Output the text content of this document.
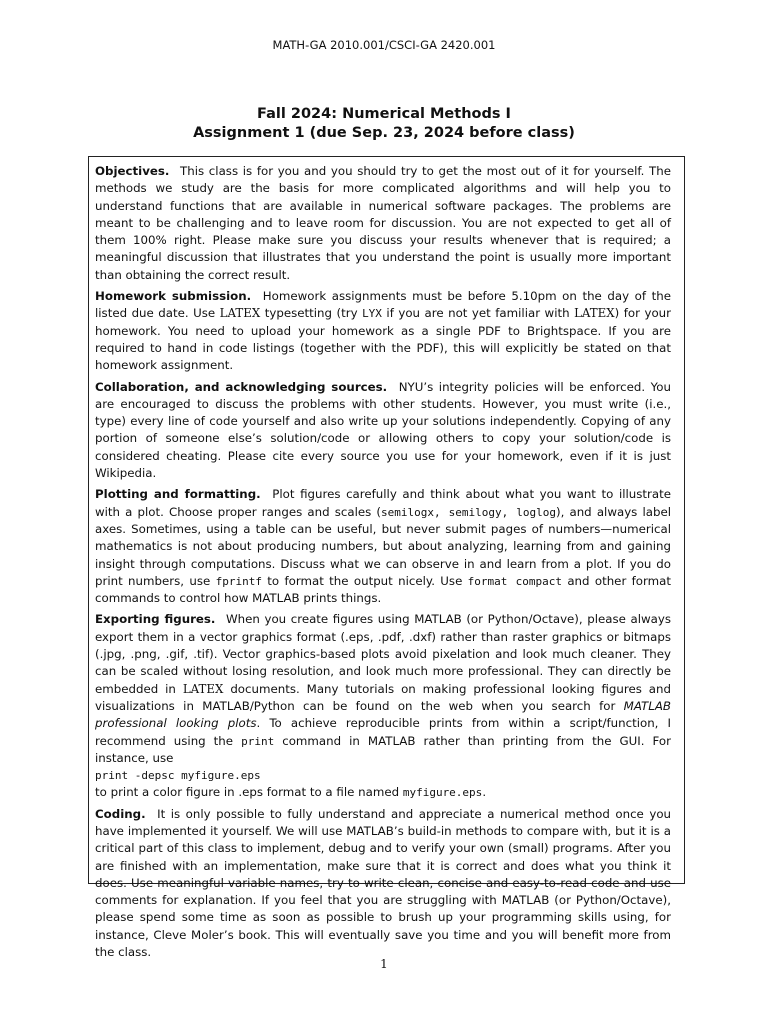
MATH-GA 2010.001/CSCI-GA 2420.001
Fall 2024: Numerical Methods I
Assignment 1 (due Sep. 23, 2024 before class)

Objectives. This class is for you and you should try to get the most out of it for yourself. The methods we study are the basis for more complicated algorithms and will help you to understand functions that are available in numerical software packages. The problems are meant to be challenging and to leave room for discussion. You are not expected to get all of them 100% right. Please make sure you discuss your results whenever that is required; a meaningful discussion that illustrates that you understand the point is usually more important than obtaining the correct result.

Homework submission. Homework assignments must be before 5.10pm on the day of the listed due date. Use LATEX typesetting (try LYX if you are not yet familiar with LATEX) for your homework. You need to upload your homework as a single PDF to Brightspace. If you are required to hand in code listings (together with the PDF), this will explicitly be stated on that homework assignment.

Collaboration, and acknowledging sources. NYU’s integrity policies will be enforced. You are encouraged to discuss the problems with other students. However, you must write (i.e., type) every line of code yourself and also write up your solutions independently. Copying of any portion of someone else’s solution/code or allowing others to copy your solution/code is considered cheating. Please cite every source you use for your homework, even if it is just Wikipedia.

Plotting and formatting. Plot figures carefully and think about what you want to illustrate with a plot. Choose proper ranges and scales (semilogx, semilogy, loglog), and always label axes. Sometimes, using a table can be useful, but never submit pages of numbers—numerical mathematics is not about producing numbers, but about analyzing, learning from and gaining insight through computations. Discuss what we can observe in and learn from a plot. If you do print numbers, use fprintf to format the output nicely. Use format compact and other format commands to control how MATLAB prints things.

Exporting figures. When you create figures using MATLAB (or Python/Octave), please always export them in a vector graphics format (.eps, .pdf, .dxf) rather than raster graphics or bitmaps (.jpg, .png, .gif, .tif). Vector graphics-based plots avoid pixelation and look much cleaner. They can be scaled without losing resolution, and look much more professional. They can directly be embedded in LATEX documents. Many tutorials on making professional looking figures and visualizations in MATLAB/Python can be found on the web when you search for MATLAB professional looking plots. To achieve reproducible prints from within a script/function, I recommend using the print command in MATLAB rather than printing from the GUI. For instance, use
print -depsc myfigure.eps
to print a color figure in .eps format to a file named myfigure.eps.

Coding. It is only possible to fully understand and appreciate a numerical method once you have implemented it yourself. We will use MATLAB’s build-in methods to compare with, but it is a critical part of this class to implement, debug and to verify your own (small) programs. After you are finished with an implementation, make sure that it is correct and does what you think it does. Use meaningful variable names, try to write clean, concise and easy-to-read code and use comments for explanation. If you feel that you are struggling with MATLAB (or Python/Octave), please spend some time as soon as possible to brush up your programming skills using, for instance, Cleve Moler’s book. This will eventually save you time and you will benefit more from the class.

1
